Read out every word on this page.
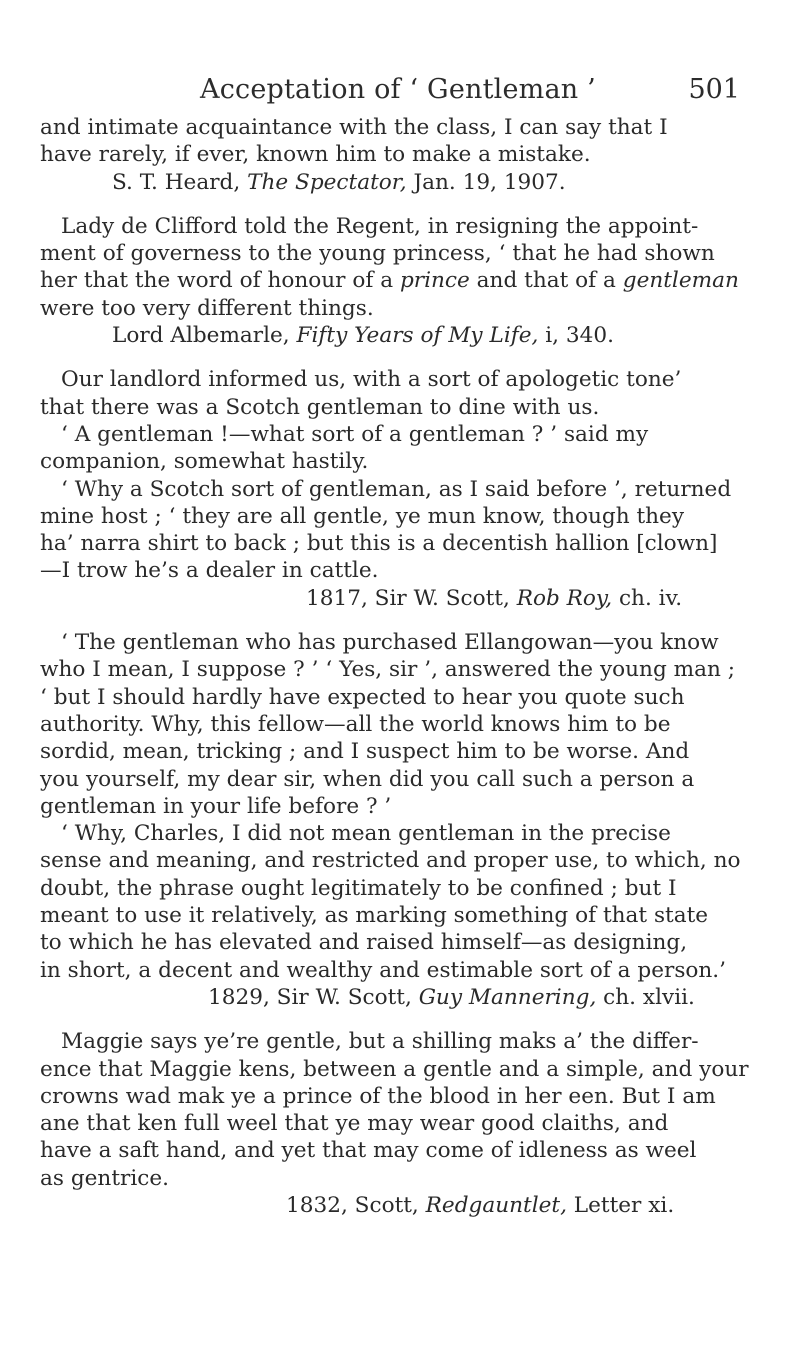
Acceptation of ‘ Gentleman ’	501
and intimate acquaintance with the class, I can say that I
have rarely, if ever, known him to make a mistake.
S. T. Heard, The Spectator, Jan. 19, 1907.
Lady de Clifford told the Regent, in resigning the appoint-
ment of governess to the young princess, ‘ that he had shown
her that the word of honour of a prince and that of a gentleman
were too very different things.
Lord Albemarle, Fifty Years of My Life, i, 340.
Our landlord informed us, with a sort of apologetic tone’
that there was a Scotch gentleman to dine with us.
‘ A gentleman !—what sort of a gentleman ? ’ said my
companion, somewhat hastily.
‘ Why a Scotch sort of gentleman, as I said before ’, returned
mine host ; ‘ they are all gentle, ye mun know, though they
ha’ narra shirt to back ; but this is a decentish hallion [clown]
—I trow he’s a dealer in cattle.
1817, Sir W. Scott, Rob Roy, ch. iv.
‘ The gentleman who has purchased Ellangowan—you know
who I mean, I suppose ? ’ ‘ Yes, sir ’, answered the young man ;
‘ but I should hardly have expected to hear you quote such
authority. Why, this fellow—all the world knows him to be
sordid, mean, tricking ; and I suspect him to be worse. And
you yourself, my dear sir, when did you call such a person a
gentleman in your life before ? ’
‘ Why, Charles, I did not mean gentleman in the precise
sense and meaning, and restricted and proper use, to which, no
doubt, the phrase ought legitimately to be confined ; but I
meant to use it relatively, as marking something of that state
to which he has elevated and raised himself—as designing,
in short, a decent and wealthy and estimable sort of a person.’
1829, Sir W. Scott, Guy Mannering, ch. xlvii.
Maggie says ye’re gentle, but a shilling maks a’ the differ-
ence that Maggie kens, between a gentle and a simple, and your
crowns wad mak ye a prince of the blood in her een. But I am
ane that ken full weel that ye may wear good claiths, and
have a saft hand, and yet that may come of idleness as weel
as gentrice.
1832, Scott, Redgauntlet, Letter xi.
